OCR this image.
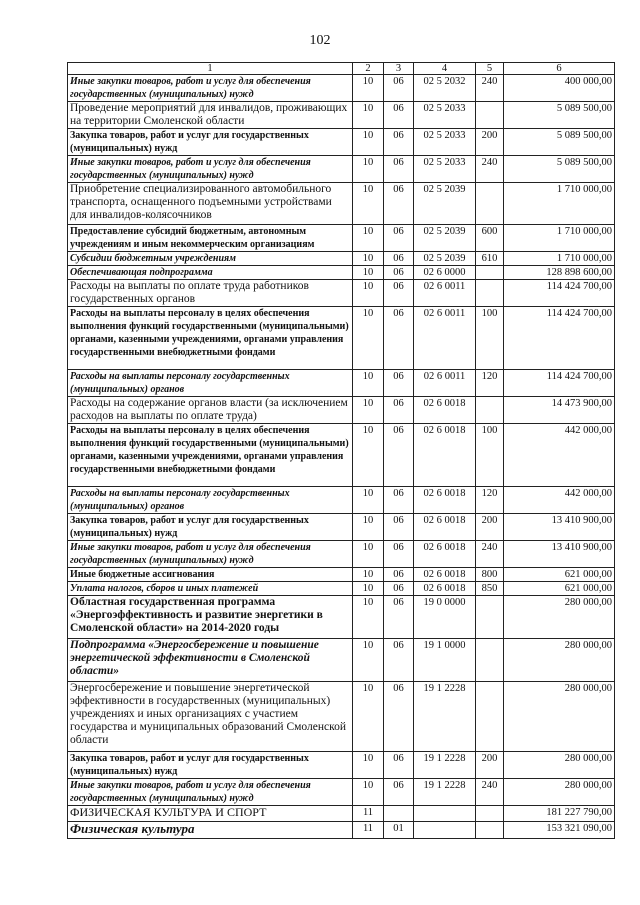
102
1	2	3	4	5	6
Иные закупки товаров, работ и услуг для обеспечения государственных (муниципальных) нужд	10	06	02 5 2032	240	400 000,00
Проведение мероприятий для инвалидов, проживающих на территории Смоленской области	10	06	02 5 2033		5 089 500,00
Закупка товаров, работ и услуг для государственных (муниципальных) нужд	10	06	02 5 2033	200	5 089 500,00
Иные закупки товаров, работ и услуг для обеспечения государственных (муниципальных) нужд	10	06	02 5 2033	240	5 089 500,00
Приобретение специализированного автомобильного транспорта, оснащенного подъемными устройствами для инвалидов-колясочников	10	06	02 5 2039		1 710 000,00
Предоставление субсидий бюджетным, автономным учреждениям и иным некоммерческим организациям	10	06	02 5 2039	600	1 710 000,00
Субсидии бюджетным учреждениям	10	06	02 5 2039	610	1 710 000,00
Обеспечивающая подпрограмма	10	06	02 6 0000		128 898 600,00
Расходы на выплаты по оплате труда работников государственных органов	10	06	02 6 0011		114 424 700,00
Расходы на выплаты персоналу в целях обеспечения выполнения функций государственными (муниципальными) органами, казенными учреждениями, органами управления государственными внебюджетными фондами	10	06	02 6 0011	100	114 424 700,00
Расходы на выплаты персоналу государственных (муниципальных) органов	10	06	02 6 0011	120	114 424 700,00
Расходы на содержание органов власти (за исключением расходов на выплаты по оплате труда)	10	06	02 6 0018		14 473 900,00
Расходы на выплаты персоналу в целях обеспечения выполнения функций государственными (муниципальными) органами, казенными учреждениями, органами управления государственными внебюджетными фондами	10	06	02 6 0018	100	442 000,00
Расходы на выплаты персоналу государственных (муниципальных) органов	10	06	02 6 0018	120	442 000,00
Закупка товаров, работ и услуг для государственных (муниципальных) нужд	10	06	02 6 0018	200	13 410 900,00
Иные закупки товаров, работ и услуг для обеспечения государственных (муниципальных) нужд	10	06	02 6 0018	240	13 410 900,00
Иные бюджетные ассигнования	10	06	02 6 0018	800	621 000,00
Уплата налогов, сборов и иных платежей	10	06	02 6 0018	850	621 000,00
Областная государственная программа «Энергоэффективность и развитие энергетики в Смоленской области» на 2014-2020 годы	10	06	19 0 0000		280 000,00
Подпрограмма «Энергосбережение и повышение энергетической эффективности в Смоленской области»	10	06	19 1 0000		280 000,00
Энергосбережение и повышение энергетической эффективности в государственных (муниципальных) учреждениях и иных организациях с участием государства и муниципальных образований Смоленской области	10	06	19 1 2228		280 000,00
Закупка товаров, работ и услуг для государственных (муниципальных) нужд	10	06	19 1 2228	200	280 000,00
Иные закупки товаров, работ и услуг для обеспечения государственных (муниципальных) нужд	10	06	19 1 2228	240	280 000,00
ФИЗИЧЕСКАЯ КУЛЬТУРА И СПОРТ	11				181 227 790,00
Физическая культура	11	01			153 321 090,00
